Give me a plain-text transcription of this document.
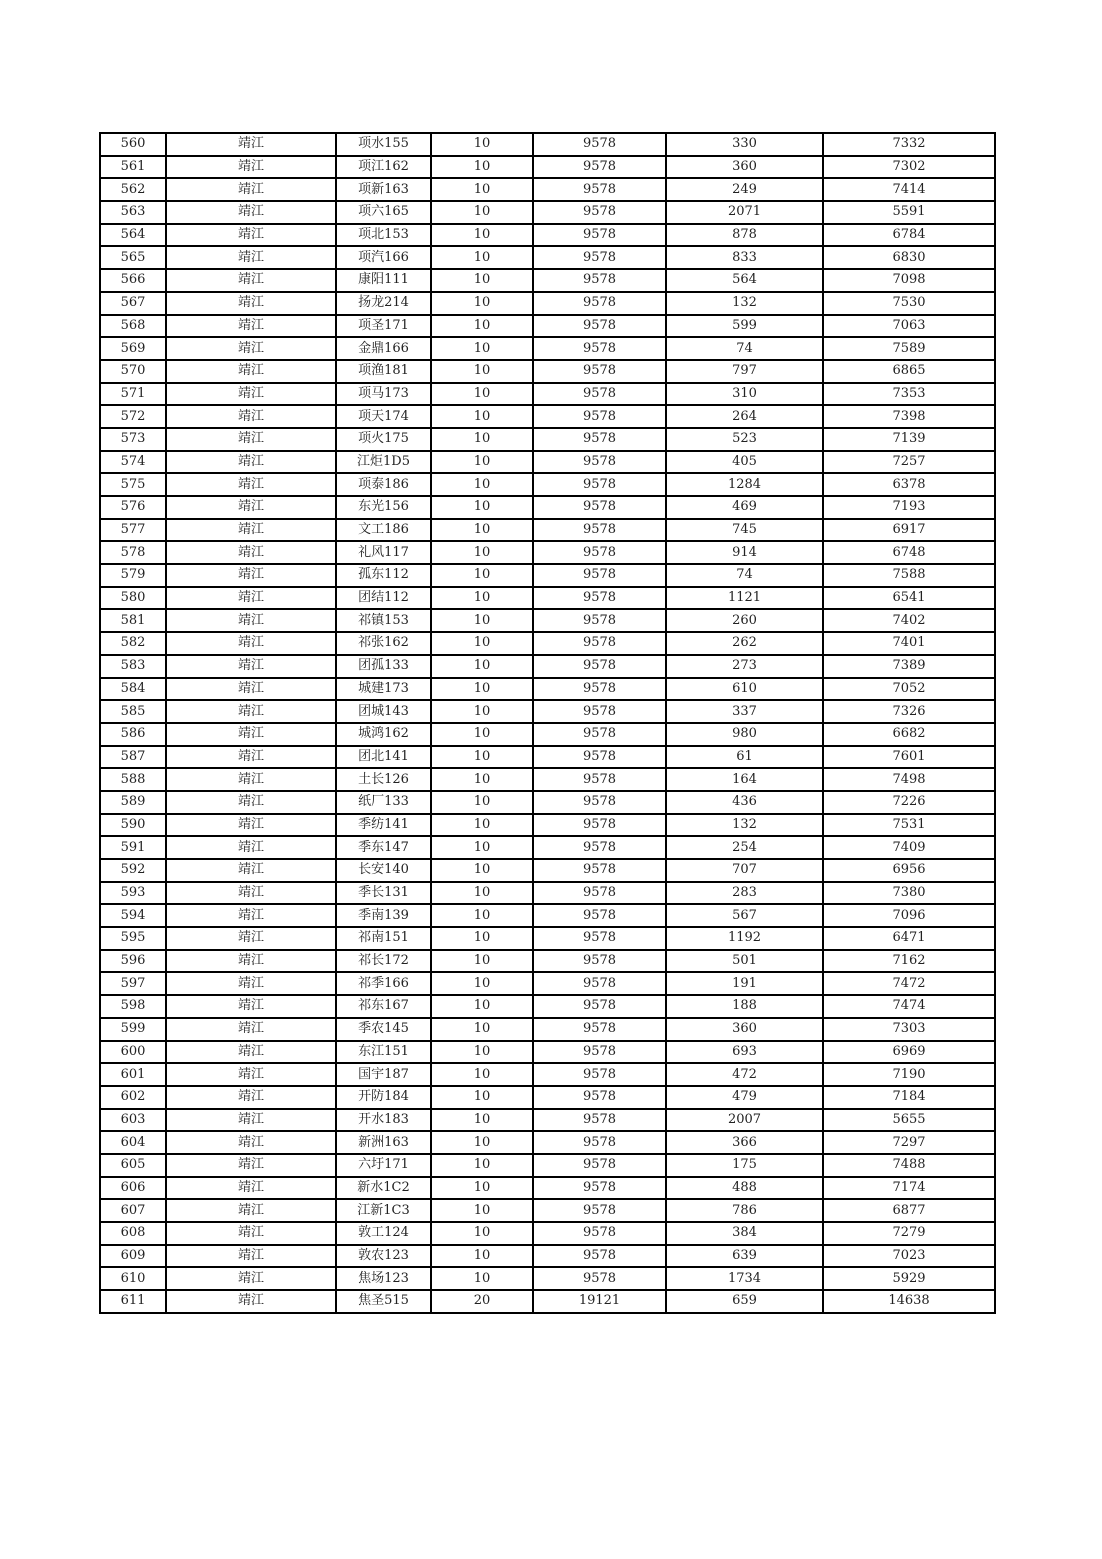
560	靖江	项水155	10	9578	330	7332
561	靖江	项江162	10	9578	360	7302
562	靖江	项新163	10	9578	249	7414
563	靖江	项六165	10	9578	2071	5591
564	靖江	项北153	10	9578	878	6784
565	靖江	项汽166	10	9578	833	6830
566	靖江	康阳111	10	9578	564	7098
567	靖江	扬龙214	10	9578	132	7530
568	靖江	项圣171	10	9578	599	7063
569	靖江	金鼎166	10	9578	74	7589
570	靖江	项渔181	10	9578	797	6865
571	靖江	项马173	10	9578	310	7353
572	靖江	项天174	10	9578	264	7398
573	靖江	项火175	10	9578	523	7139
574	靖江	江炬1D5	10	9578	405	7257
575	靖江	项泰186	10	9578	1284	6378
576	靖江	东光156	10	9578	469	7193
577	靖江	文工186	10	9578	745	6917
578	靖江	礼风117	10	9578	914	6748
579	靖江	孤东112	10	9578	74	7588
580	靖江	团结112	10	9578	1121	6541
581	靖江	祁镇153	10	9578	260	7402
582	靖江	祁张162	10	9578	262	7401
583	靖江	团孤133	10	9578	273	7389
584	靖江	城建173	10	9578	610	7052
585	靖江	团城143	10	9578	337	7326
586	靖江	城鸿162	10	9578	980	6682
587	靖江	团北141	10	9578	61	7601
588	靖江	土长126	10	9578	164	7498
589	靖江	纸厂133	10	9578	436	7226
590	靖江	季纺141	10	9578	132	7531
591	靖江	季东147	10	9578	254	7409
592	靖江	长安140	10	9578	707	6956
593	靖江	季长131	10	9578	283	7380
594	靖江	季南139	10	9578	567	7096
595	靖江	祁南151	10	9578	1192	6471
596	靖江	祁长172	10	9578	501	7162
597	靖江	祁季166	10	9578	191	7472
598	靖江	祁东167	10	9578	188	7474
599	靖江	季农145	10	9578	360	7303
600	靖江	东江151	10	9578	693	6969
601	靖江	国宇187	10	9578	472	7190
602	靖江	开防184	10	9578	479	7184
603	靖江	开水183	10	9578	2007	5655
604	靖江	新洲163	10	9578	366	7297
605	靖江	六圩171	10	9578	175	7488
606	靖江	新水1C2	10	9578	488	7174
607	靖江	江新1C3	10	9578	786	6877
608	靖江	敦工124	10	9578	384	7279
609	靖江	敦农123	10	9578	639	7023
610	靖江	焦场123	10	9578	1734	5929
611	靖江	焦圣515	20	19121	659	14638
